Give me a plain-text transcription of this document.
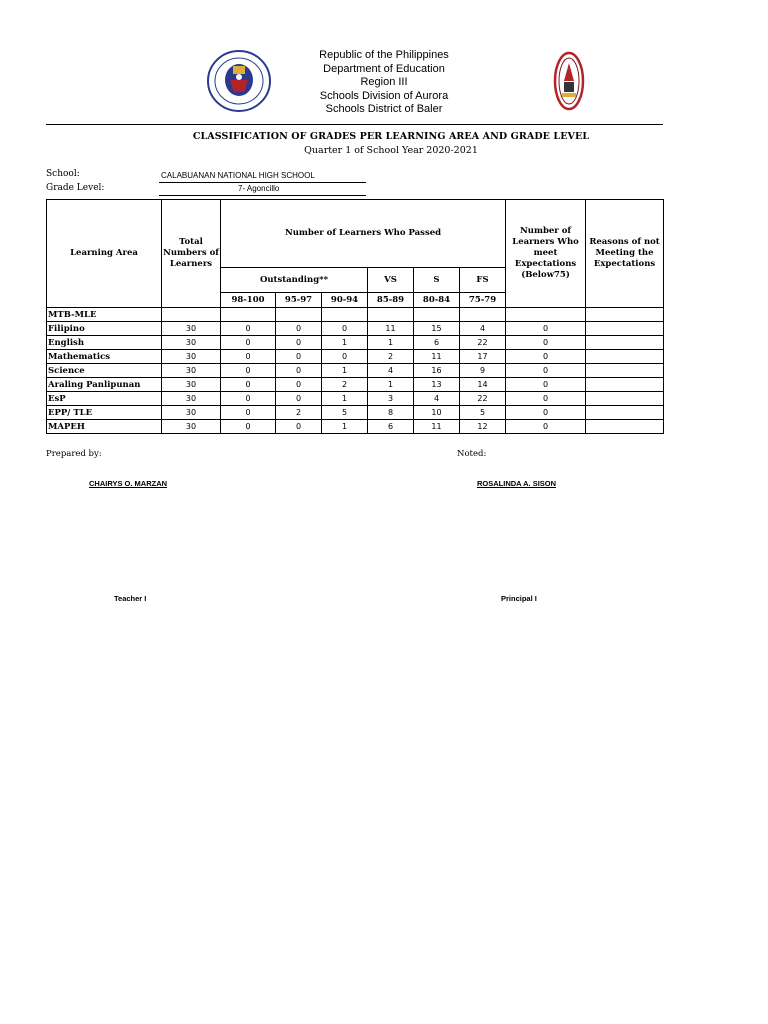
Republic of the Philippines
Department of Education
Region III
Schools Division of Aurora
Schools District of Baler
CLASSIFICATION OF GRADES PER LEARNING AREA AND GRADE LEVEL
Quarter 1 of School Year 2020-2021
School:	CALABUANAN NATIONAL HIGH SCHOOL
Grade Level:	7- Agoncillo
Learning Area	Total Numbers of Learners	Number of Learners Who Passed						Number of Learners Who meet Expectations (Below75)	Reasons of not Meeting the Expectations
		Outstanding**			VS	S	FS		
		98-100	95-97	90-94	85-89	80-84	75-79		
MTB-MLE									
Filipino	30	0	0	0	11	15	4	0	
English	30	0	0	1	1	6	22	0	
Mathematics	30	0	0	0	2	11	17	0	
Science	30	0	0	1	4	16	9	0	
Araling Panlipunan	30	0	0	2	1	13	14	0	
EsP	30	0	0	1	3	4	22	0	
EPP/ TLE	30	0	2	5	8	10	5	0	
MAPEH	30	0	0	1	6	11	12	0	
Prepared by:	Noted:
CHAIRYS O. MARZAN	ROSALINDA A. SISON
Teacher I	Principal I
